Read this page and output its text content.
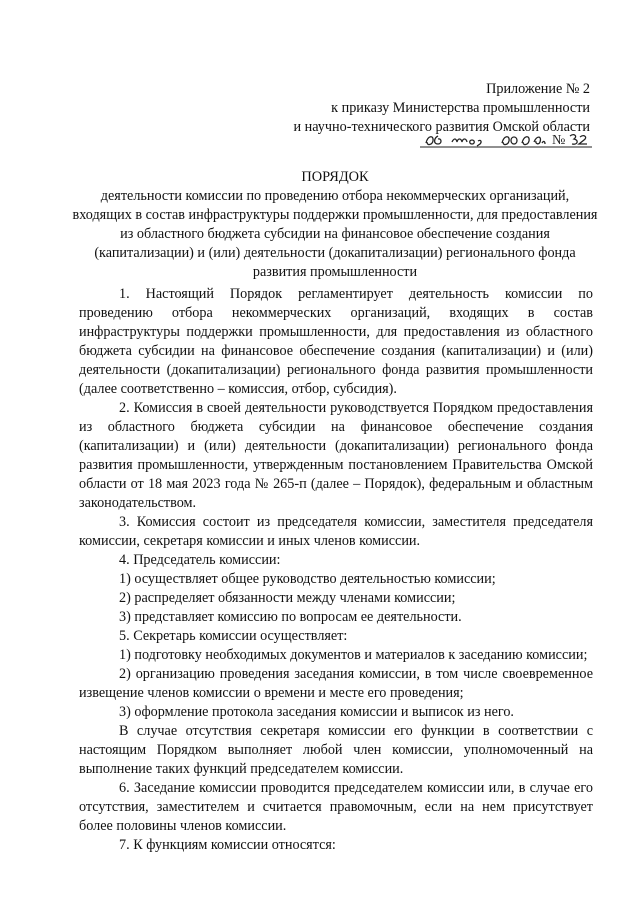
Приложение № 2
к приказу Министерства промышленности
и научно-технического развития Омской области
№
ПОРЯДОК
деятельности комиссии по проведению отбора некоммерческих организаций, входящих в состав инфраструктуры поддержки промышленности, для предоставления из областного бюджета субсидии на финансовое обеспечение создания (капитализации) и (или) деятельности (докапитализации) регионального фонда развития промышленности

1. Настоящий Порядок регламентирует деятельность комиссии по проведению отбора некоммерческих организаций, входящих в состав инфраструктуры поддержки промышленности, для предоставления из областного бюджета субсидии на финансовое обеспечение создания (капитализации) и (или) деятельности (докапитализации) регионального фонда развития промышленности (далее соответственно – комиссия, отбор, субсидия).

2. Комиссия в своей деятельности руководствуется Порядком предоставления из областного бюджета субсидии на финансовое обеспечение создания (капитализации) и (или) деятельности (докапитализации) регионального фонда развития промышленности, утвержденным постановлением Правительства Омской области от 18 мая 2023 года № 265-п (далее – Порядок), федеральным и областным законодательством.

3. Комиссия состоит из председателя комиссии, заместителя председателя комиссии, секретаря комиссии и иных членов комиссии.

4. Председатель комиссии:

1) осуществляет общее руководство деятельностью комиссии;

2) распределяет обязанности между членами комиссии;

3) представляет комиссию по вопросам ее деятельности.

5. Секретарь комиссии осуществляет:

1) подготовку необходимых документов и материалов к заседанию комиссии;

2) организацию проведения заседания комиссии, в том числе своевременное извещение членов комиссии о времени и месте его проведения;

3) оформление протокола заседания комиссии и выписок из него.

В случае отсутствия секретаря комиссии его функции в соответствии с настоящим Порядком выполняет любой член комиссии, уполномоченный на выполнение таких функций председателем комиссии.

6. Заседание комиссии проводится председателем комиссии или, в случае его отсутствия, заместителем и считается правомочным, если на нем присутствует более половины членов комиссии.

7. К функциям комиссии относятся:
